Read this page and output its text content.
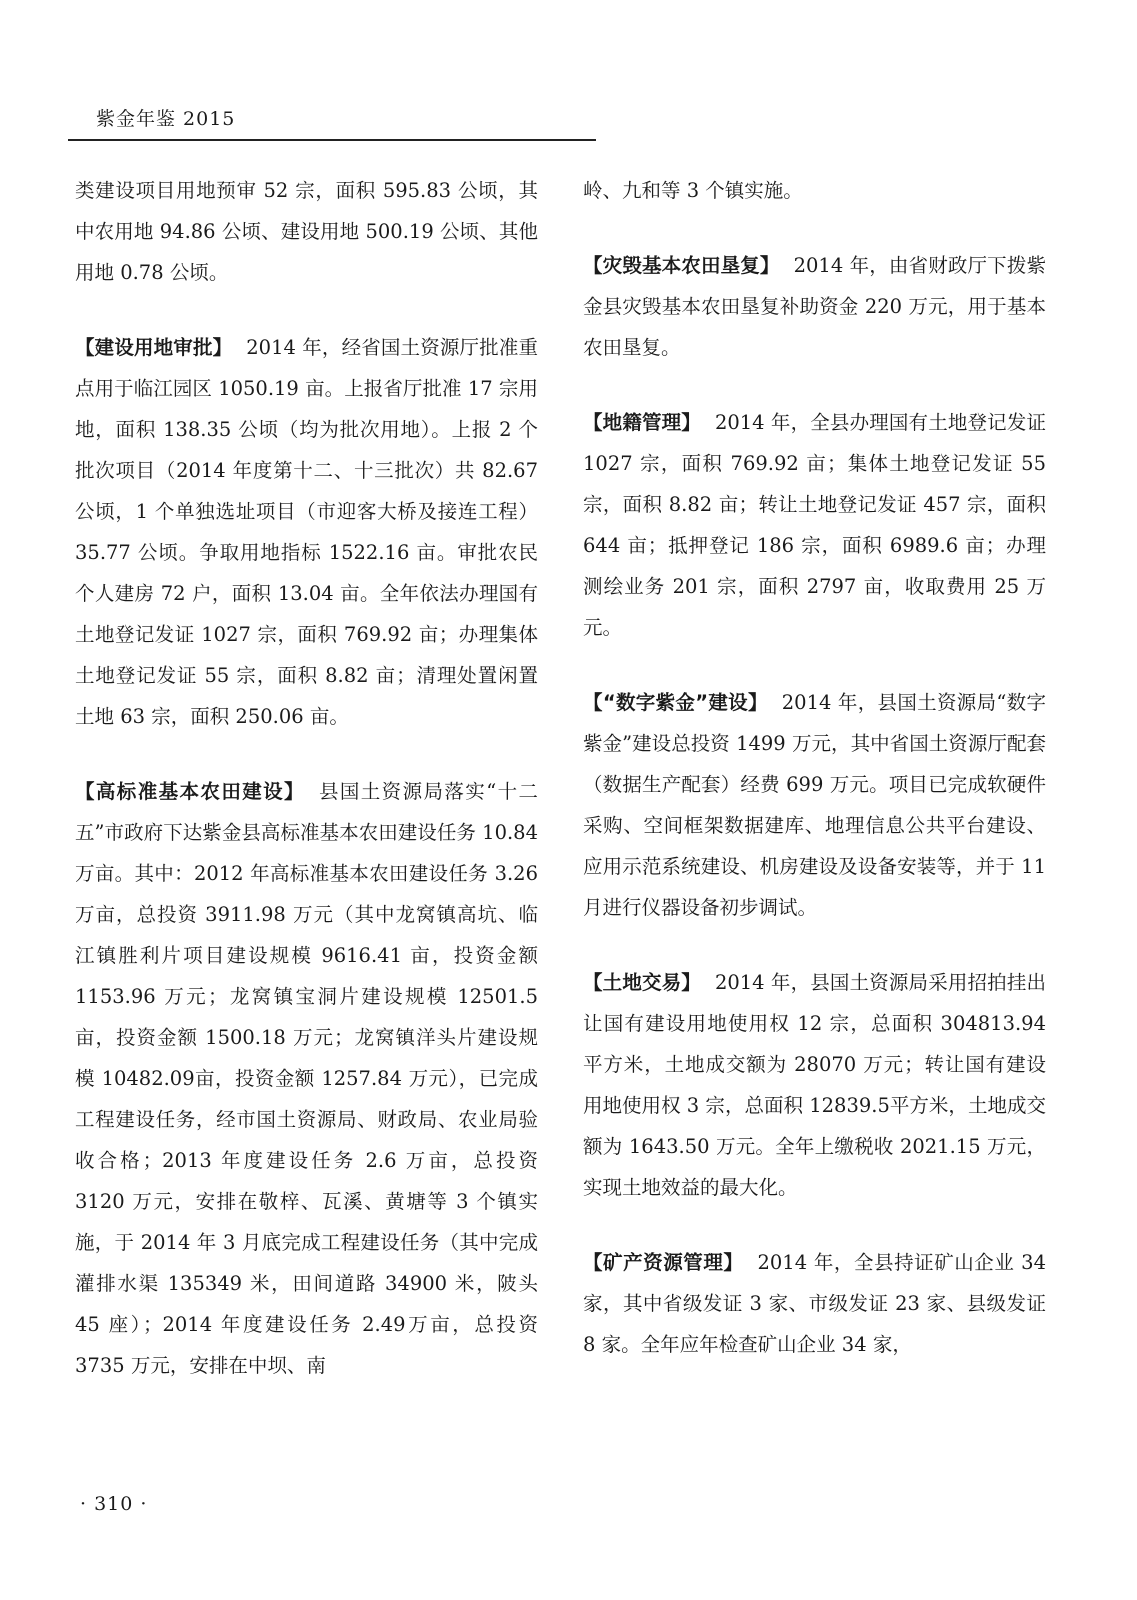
紫金年鉴 2015

类建设项目用地预审 52 宗，面积 595.83 公顷，其中农用地 94.86 公顷、建设用地 500.19 公顷、其他用地 0.78 公顷。

【建设用地审批】 2014 年，经省国土资源厅批准重点用于临江园区 1050.19 亩。上报省厅批准 17 宗用地，面积 138.35 公顷（均为批次用地）。上报 2 个批次项目（2014 年度第十二、十三批次）共 82.67 公顷，1 个单独选址项目（市迎客大桥及接连工程）35.77 公顷。争取用地指标 1522.16 亩。审批农民个人建房 72 户，面积 13.04 亩。全年依法办理国有土地登记发证 1027 宗，面积 769.92 亩；办理集体土地登记发证 55 宗，面积 8.82 亩；清理处置闲置土地 63 宗，面积 250.06 亩。

【高标准基本农田建设】 县国土资源局落实“十二五”市政府下达紫金县高标准基本农田建设任务 10.84 万亩。其中：2012 年高标准基本农田建设任务 3.26 万亩，总投资 3911.98 万元（其中龙窝镇高坑、临江镇胜利片项目建设规模 9616.41 亩，投资金额 1153.96 万元；龙窝镇宝洞片建设规模 12501.5 亩，投资金额 1500.18 万元；龙窝镇洋头片建设规模 10482.09亩，投资金额 1257.84 万元），已完成工程建设任务，经市国土资源局、财政局、农业局验收合格；2013 年度建设任务 2.6 万亩，总投资 3120 万元，安排在敬梓、瓦溪、黄塘等 3 个镇实施，于 2014 年 3 月底完成工程建设任务（其中完成灌排水渠 135349 米，田间道路 34900 米，陂头 45 座）；2014 年度建设任务 2.49万亩，总投资 3735 万元，安排在中坝、南

岭、九和等 3 个镇实施。

【灾毁基本农田垦复】 2014 年，由省财政厅下拨紫金县灾毁基本农田垦复补助资金 220 万元，用于基本农田垦复。

【地籍管理】 2014 年，全县办理国有土地登记发证 1027 宗，面积 769.92 亩；集体土地登记发证 55 宗，面积 8.82 亩；转让土地登记发证 457 宗，面积 644 亩；抵押登记 186 宗，面积 6989.6 亩；办理测绘业务 201 宗，面积 2797 亩，收取费用 25 万元。

【“数字紫金”建设】 2014 年，县国土资源局“数字紫金”建设总投资 1499 万元，其中省国土资源厅配套（数据生产配套）经费 699 万元。项目已完成软硬件采购、空间框架数据建库、地理信息公共平台建设、应用示范系统建设、机房建设及设备安装等，并于 11 月进行仪器设备初步调试。

【土地交易】 2014 年，县国土资源局采用招拍挂出让国有建设用地使用权 12 宗，总面积 304813.94 平方米，土地成交额为 28070 万元；转让国有建设用地使用权 3 宗，总面积 12839.5平方米，土地成交额为 1643.50 万元。全年上缴税收 2021.15 万元，实现土地效益的最大化。

【矿产资源管理】 2014 年，全县持证矿山企业 34 家，其中省级发证 3 家、市级发证 23 家、县级发证 8 家。全年应年检查矿山企业 34 家，

· 310 ·
